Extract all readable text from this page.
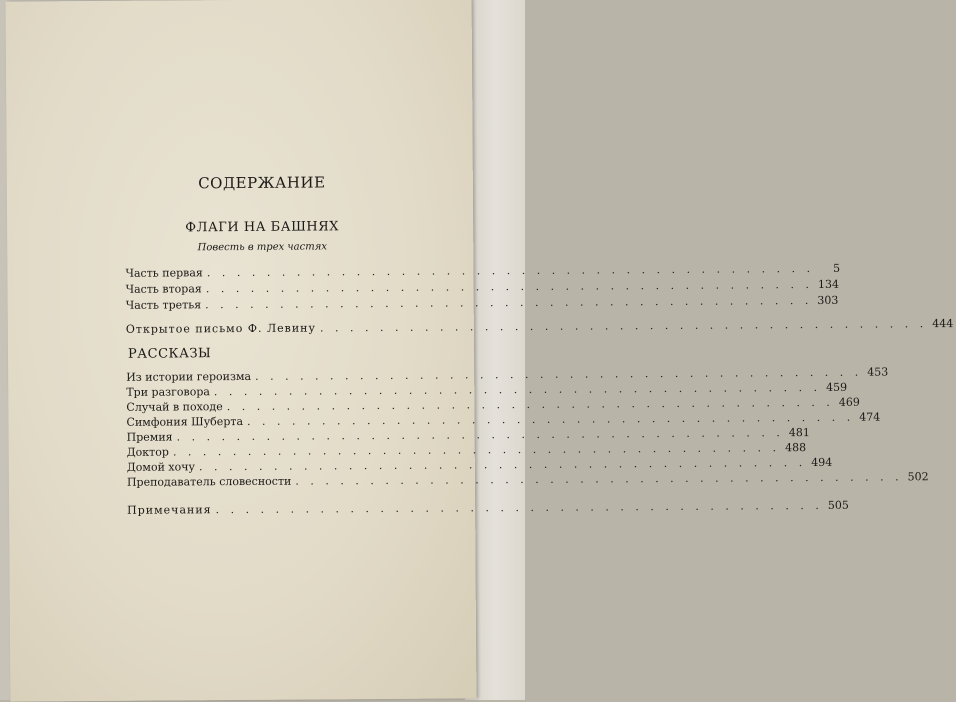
СОДЕРЖАНИЕ
ФЛАГИ НА БАШНЯХ
Повесть в трех частях
Часть первая . . . . . . . . . . . . . . . . . . . . . . . . . . . . . . . . . . . . . . . . .	5
Часть вторая . . . . . . . . . . . . . . . . . . . . . . . . . . . . . . . . . . . . . . . . . 134
Часть третья . . . . . . . . . . . . . . . . . . . . . . . . . . . . . . . . . . . . . . . . . 303
Открытое письмо Ф. Левину . . . . . . . . . . . . . . . . . . . . . . . . . . . . . . . . . . . . . . . . . 444
РАССКАЗЫ
Из истории героизма . . . . . . . . . . . . . . . . . . . . . . . . . . . . . . . . . . . . . . . . . 453
Три разговора . . . . . . . . . . . . . . . . . . . . . . . . . . . . . . . . . . . . . . . . . 459
Случай в походе . . . . . . . . . . . . . . . . . . . . . . . . . . . . . . . . . . . . . . . . . 469
Симфония Шуберта . . . . . . . . . . . . . . . . . . . . . . . . . . . . . . . . . . . . . . . . . 474
Премия . . . . . . . . . . . . . . . . . . . . . . . . . . . . . . . . . . . . . . . . . 481
Доктор . . . . . . . . . . . . . . . . . . . . . . . . . . . . . . . . . . . . . . . . . 488
Домой хочу . . . . . . . . . . . . . . . . . . . . . . . . . . . . . . . . . . . . . . . . . 494
Преподаватель словесности . . . . . . . . . . . . . . . . . . . . . . . . . . . . . . . . . . . . . . . . . 502
Примечания . . . . . . . . . . . . . . . . . . . . . . . . . . . . . . . . . . . . . . . . . 505
